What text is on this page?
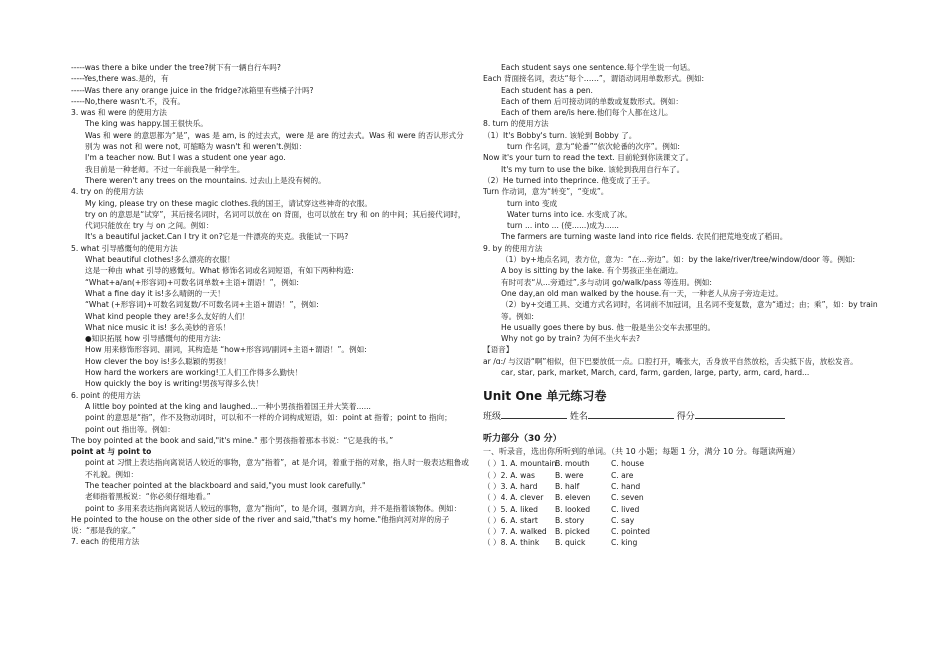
-----was there a bike under the tree?树下有一辆自行车吗?
-----Yes,there was.是的，有
-----Was there any orange juice in the fridge?冰箱里有些橘子汁吗?
-----No,there wasn't.不，没有。
3. was 和 were 的使用方法
The king was happy.国王很快乐。
Was 和 were 的意思都为“是”，was 是 am, is 的过去式，were 是 are 的过去式。Was 和 were 的否认形式分别为 was not 和 were not, 可缩略为 wasn't 和 weren't.例如：
I'm a teacher now. But I was a student one year ago.
我目前是一种老师。不过一年前我是一种学生。
There weren't any trees on the mountains. 过去山上是没有树的。
4. try on 的使用方法
My king, please try on these magic clothes.我的国王，请试穿这些神奇的衣服。
try on 的意思是“试穿”，其后接名词时，名词可以放在 on 背面，也可以放在 try 和 on 的中间；其后接代词时，代词只能放在 try 与 on 之间。例如：
It's a beautiful jacket.Can I try it on?它是一件漂亮的夹克。我能试一下吗?
5. what 引导感慨句的使用方法
What beautiful clothes!多么漂亮的衣服！
这是一种由 what 引导的感慨句。What 修饰名词或名词短语，有如下两种构造:
“What+a/an(+形容词)+可数名词单数+主语+谓语！”，例如:
What a fine day it is!多么晴朗的一天！
“What (+形容词)+可数名词复数/不可数名词+主语+谓语！”，例如:
What kind people they are!多么友好的人们！
What nice music it is! 多么美妙的音乐！
●知识拓展 how 引导感慨句的使用方法:
How 用来修饰形容词、副词，其构造是 “how+形容词/副词+主语+谓语！”。例如:
How clever the boy is!多么聪颖的男孩！
How hard the workers are working!工人们工作得多么勤快！
How quickly the boy is writing!男孩写得多么快！
6. point 的使用方法
A little boy pointed at the king and laughed...一种小男孩指着国王并大笑着......
point 的意思是“指”，作不及物动词时，可以和不一样的介词构成短语，如：point at 指着；point to 指向；point out 指出等。例如：
The boy pointed at the book and said,"it's mine." 那个男孩指着那本书说：“它是我的书。”
point at 与 point to
point at 习惯上表达指向离说话人较近的事物，意为“指着”，at 是介词，着重于指的对象，指人时一般表达粗鲁或不礼貌。例如：
The teacher pointed at the blackboard and said,"you must look carefully."
老师指着黑板说：“你必须仔细地看。”
point to 多用来表达指向离说话人较远的事物，意为“指向”，to 是介词，强调方向，并不是指着该物体。例如：
He pointed to the house on the other side of the river and said,"that's my home."他指向河对岸的房子说：“那是我的家。”
7. each 的使用方法
Each student says one sentence.每个学生说一句话。
Each 背面接名词，表达“每个……”，谓语动词用单数形式。例如:
Each student has a pen.
Each of them 后可接动词的单数或复数形式。例如：
Each of them are/is here.他们每个人都在这儿。
8. turn 的使用方法
（1）It's Bobby's turn. 该轮到 Bobby 了。
turn 作名词，意为“轮番”“依次轮番的次序”。例如:
Now it's your turn to read the text. 目前轮到你读课文了。
It's my turn to use the bike. 该轮到我用自行车了。
（2）He turned into theprince. 他变成了王子。
Turn 作动词，意为“转变”，“变成”。
turn into 变成
Water turns into ice. 水变成了冰。
turn ... into ... (使......)成为......
The farmers are turning waste land into rice fields. 农民们把荒地变成了稻田。
9. by 的使用方法
（1）by+地点名词，表方位，意为：“在...旁边”。如：by the lake/river/tree/window/door 等。例如:
A boy is sitting by the lake. 有个男孩正坐在湖边。
有时可表“从...旁通过”,多与动词 go/walk/pass 等连用。例如:
One day,an old man walked by the house.有一天，一种老人从房子旁边走过。
（2）by+交通工具、交通方式名词时，名词前不加冠词，且名词不变复数，意为“通过；由；乘”，如：by train 等。例如:
He usually goes there by bus. 他一般是坐公交车去那里的。
Why not go by train? 为何不坐火车去?
【语音】
ar /ɑ:/ 与汉语“啊”相似，但下巴要放低一点。口腔打开，嘴张大，舌身放平自然放松，舌尖抵下齿，放松发音。
car, star, park, market, March, card, farm, garden, large, party, arm, card, hard...
Unit One 单元练习卷
班级	姓名	得分
听力部分（30 分）
一、听录音，选出你所听到的单词。（共 10 小题；每题 1 分，满分 10 分。每题读两遍）
（ ）1. A. mountainB. mouth	C. house
（ ）2. A. was	B. were	C. are
（ ）3. A. hard B. half	C. hand
（ ）4. A. clever B. eleven	C. seven
（ ）5. A. liked B. looked	C. lived
（ ）6. A. start B. story	C. say
（ ）7. A. walked B. picked	C. pointed
（ ）8. A. think B. quick	C. king
